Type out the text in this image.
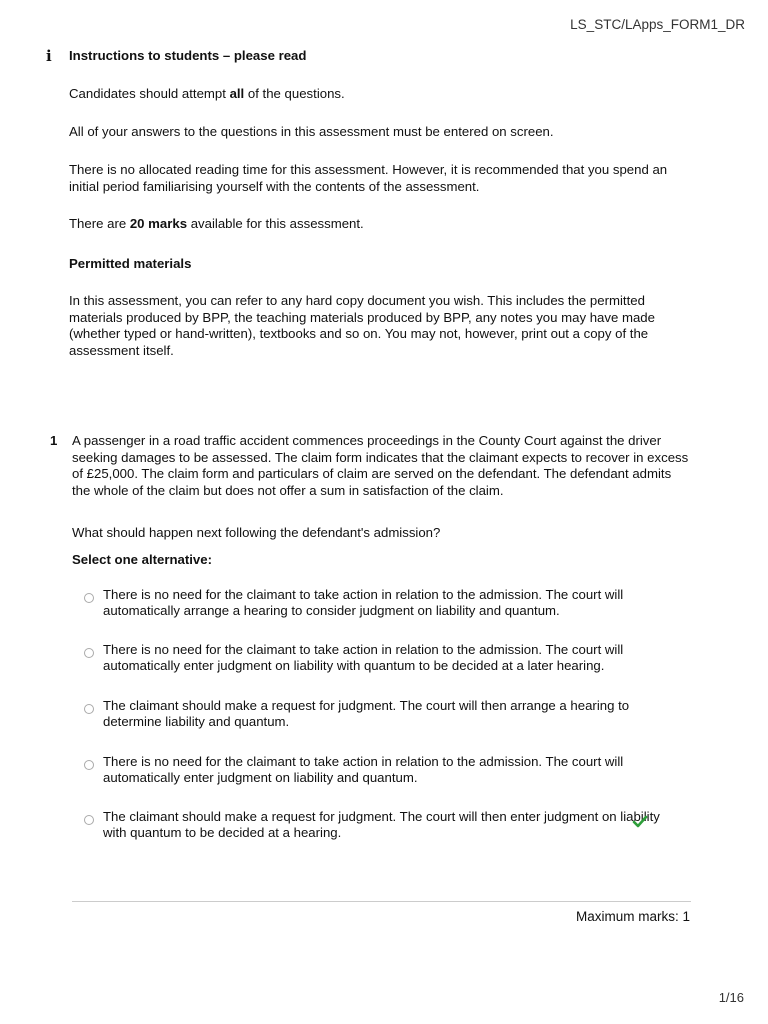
LS_STC/LApps_FORM1_DR
i Instructions to students – please read

Candidates should attempt all of the questions.

All of your answers to the questions in this assessment must be entered on screen.

There is no allocated reading time for this assessment. However, it is recommended that you spend an initial period familiarising yourself with the contents of the assessment.

There are 20 marks available for this assessment.

Permitted materials

In this assessment, you can refer to any hard copy document you wish. This includes the permitted materials produced by BPP, the teaching materials produced by BPP, any notes you may have made (whether typed or hand-written), textbooks and so on. You may not, however, print out a copy of the assessment itself.

1 A passenger in a road traffic accident commences proceedings in the County Court against the driver seeking damages to be assessed. The claim form indicates that the claimant expects to recover in excess of £25,000. The claim form and particulars of claim are served on the defendant. The defendant admits the whole of the claim but does not offer a sum in satisfaction of the claim.

What should happen next following the defendant's admission?
Select one alternative:
There is no need for the claimant to take action in relation to the admission. The court will automatically arrange a hearing to consider judgment on liability and quantum.
There is no need for the claimant to take action in relation to the admission. The court will automatically enter judgment on liability with quantum to be decided at a later hearing.
The claimant should make a request for judgment. The court will then arrange a hearing to determine liability and quantum.
There is no need for the claimant to take action in relation to the admission. The court will automatically enter judgment on liability and quantum.
The claimant should make a request for judgment. The court will then enter judgment on liability with quantum to be decided at a hearing.
Maximum marks: 1
1/16
